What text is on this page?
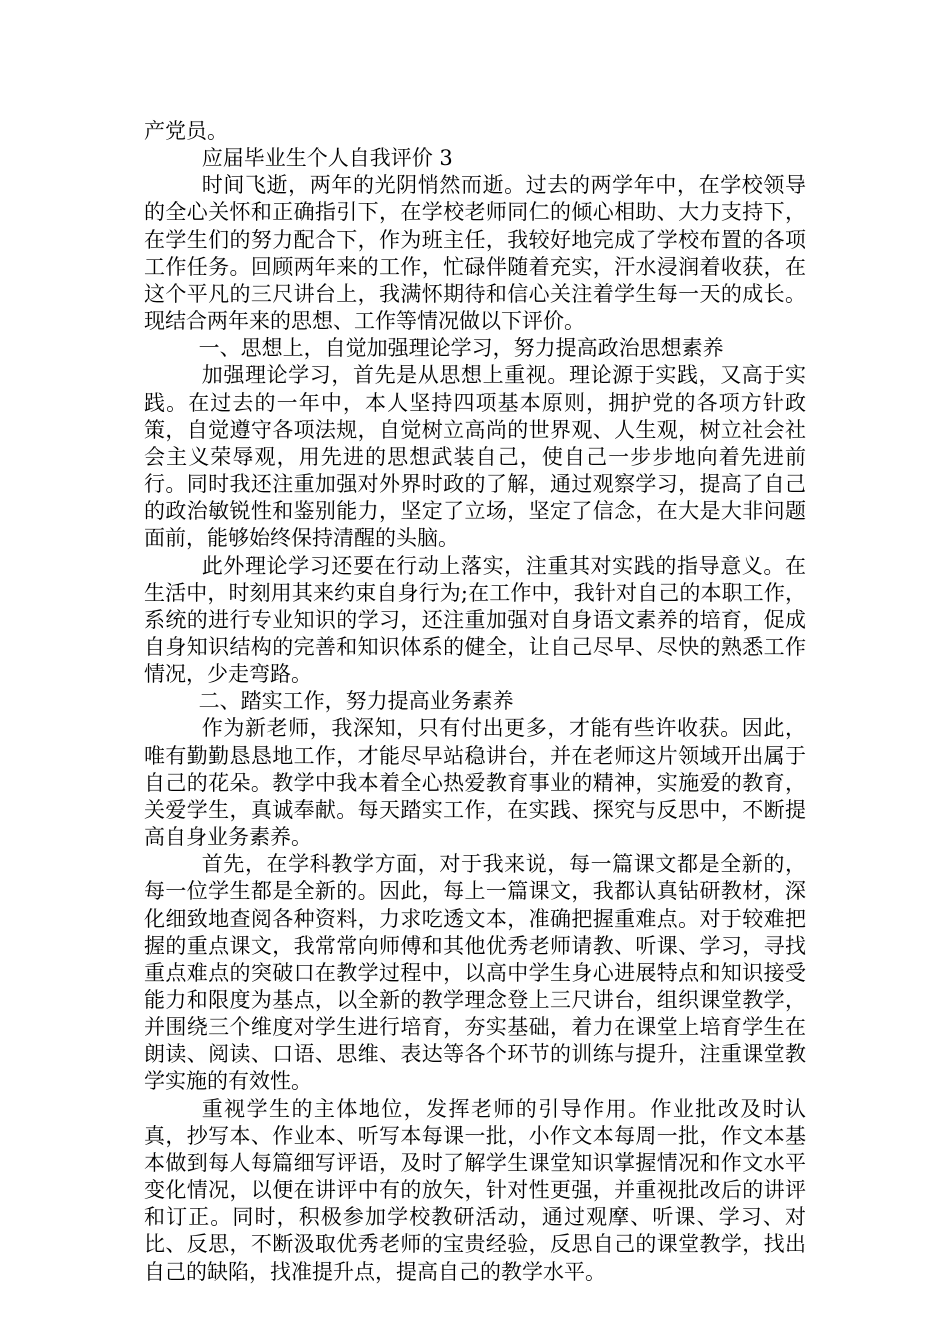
产党员。

应届毕业生个人自我评价 3

时间飞逝，两年的光阴悄然而逝。过去的两学年中，在学校领导的全心关怀和正确指引下，在学校老师同仁的倾心相助、大力支持下，在学生们的努力配合下，作为班主任，我较好地完成了学校布置的各项工作任务。回顾两年来的工作，忙碌伴随着充实，汗水浸润着收获，在这个平凡的三尺讲台上，我满怀期待和信心关注着学生每一天的成长。现结合两年来的思想、工作等情况做以下评价。

一、思想上，自觉加强理论学习，努力提高政治思想素养

加强理论学习，首先是从思想上重视。理论源于实践，又高于实践。在过去的一年中，本人坚持四项基本原则，拥护党的各项方针政策，自觉遵守各项法规，自觉树立高尚的世界观、人生观，树立社会社会主义荣辱观，用先进的思想武装自己，使自己一步步地向着先进前行。同时我还注重加强对外界时政的了解，通过观察学习，提高了自己的政治敏锐性和鉴别能力，坚定了立场，坚定了信念，在大是大非问题面前，能够始终保持清醒的头脑。

此外理论学习还要在行动上落实，注重其对实践的指导意义。在生活中，时刻用其来约束自身行为;在工作中，我针对自己的本职工作，系统的进行专业知识的学习，还注重加强对自身语文素养的培育，促成自身知识结构的完善和知识体系的健全，让自己尽早、尽快的熟悉工作情况，少走弯路。

二、踏实工作，努力提高业务素养

作为新老师，我深知，只有付出更多，才能有些许收获。因此，唯有勤勤恳恳地工作，才能尽早站稳讲台，并在老师这片领域开出属于自己的花朵。教学中我本着全心热爱教育事业的精神，实施爱的教育，关爱学生，真诚奉献。每天踏实工作，在实践、探究与反思中，不断提高自身业务素养。

首先，在学科教学方面，对于我来说，每一篇课文都是全新的，每一位学生都是全新的。因此，每上一篇课文，我都认真钻研教材，深化细致地查阅各种资料，力求吃透文本，准确把握重难点。对于较难把握的重点课文，我常常向师傅和其他优秀老师请教、听课、学习，寻找重点难点的突破口在教学过程中，以高中学生身心进展特点和知识接受能力和限度为基点，以全新的教学理念登上三尺讲台，组织课堂教学，并围绕三个维度对学生进行培育，夯实基础，着力在课堂上培育学生在朗读、阅读、口语、思维、表达等各个环节的训练与提升，注重课堂教学实施的有效性。

重视学生的主体地位，发挥老师的引导作用。作业批改及时认真，抄写本、作业本、听写本每课一批，小作文本每周一批，作文本基本做到每人每篇细写评语，及时了解学生课堂知识掌握情况和作文水平变化情况，以便在讲评中有的放矢，针对性更强，并重视批改后的讲评和订正。同时，积极参加学校教研活动，通过观摩、听课、学习、对比、反思，不断汲取优秀老师的宝贵经验，反思自己的课堂教学，找出自己的缺陷，找准提升点，提高自己的教学水平。
